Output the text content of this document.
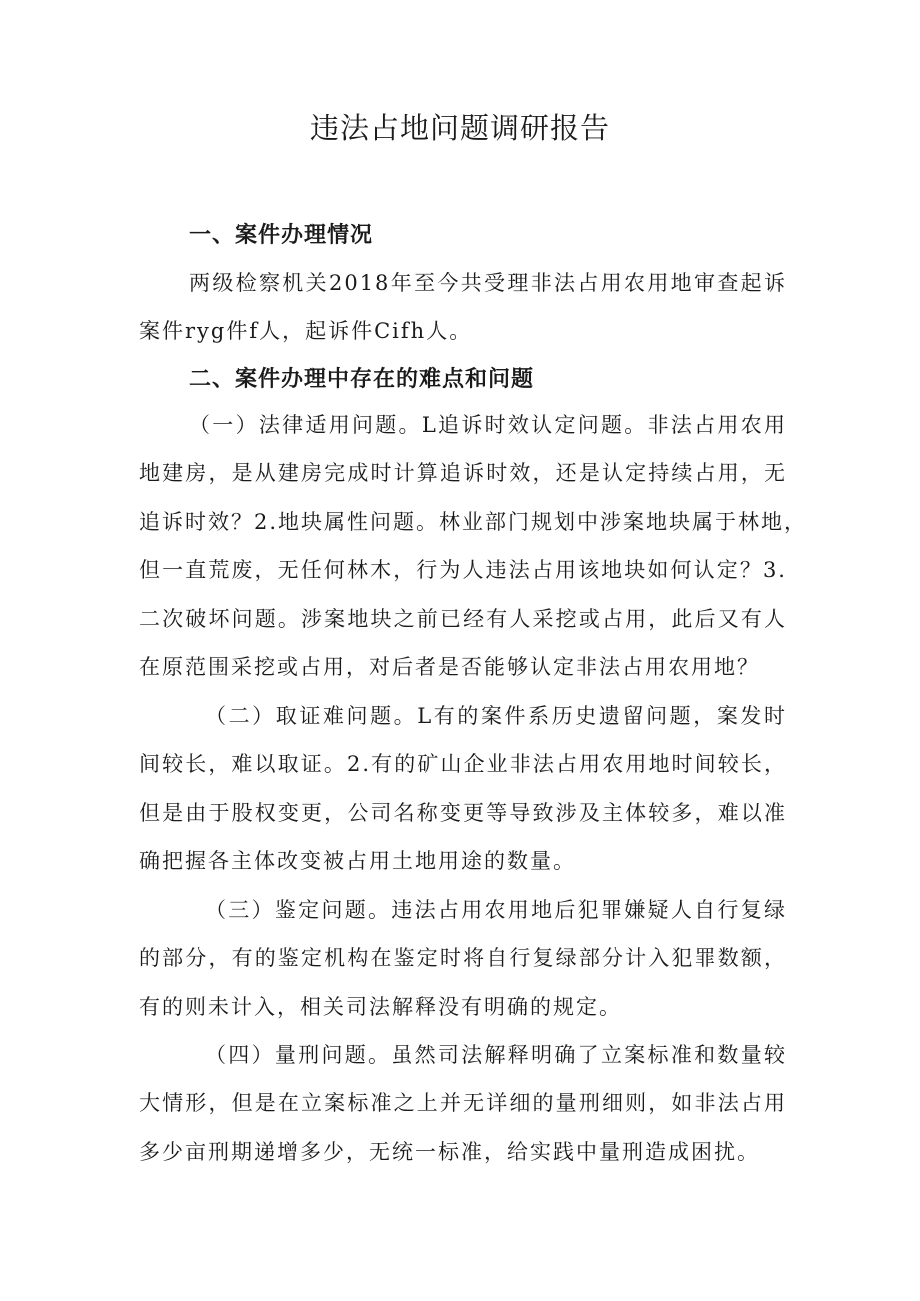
违法占地问题调研报告
一、案件办理情况
两级检察机关2018年至今共受理非法占用农用地审查起诉
案件ryg件f人，起诉件Cifh人。
二、案件办理中存在的难点和问题
（一）法律适用问题。L追诉时效认定问题。非法占用农用
地建房，是从建房完成时计算追诉时效，还是认定持续占用，无
追诉时效？2.地块属性问题。林业部门规划中涉案地块属于林地，
但一直荒废，无任何林木，行为人违法占用该地块如何认定？3.
二次破坏问题。涉案地块之前已经有人采挖或占用，此后又有人
在原范围采挖或占用，对后者是否能够认定非法占用农用地？
（二）取证难问题。L有的案件系历史遗留问题，案发时
间较长，难以取证。2.有的矿山企业非法占用农用地时间较长，
但是由于股权变更，公司名称变更等导致涉及主体较多，难以准
确把握各主体改变被占用土地用途的数量。
（三）鉴定问题。违法占用农用地后犯罪嫌疑人自行复绿
的部分，有的鉴定机构在鉴定时将自行复绿部分计入犯罪数额，
有的则未计入，相关司法解释没有明确的规定。
（四）量刑问题。虽然司法解释明确了立案标准和数量较
大情形，但是在立案标准之上并无详细的量刑细则，如非法占用
多少亩刑期递增多少，无统一标准，给实践中量刑造成困扰。
